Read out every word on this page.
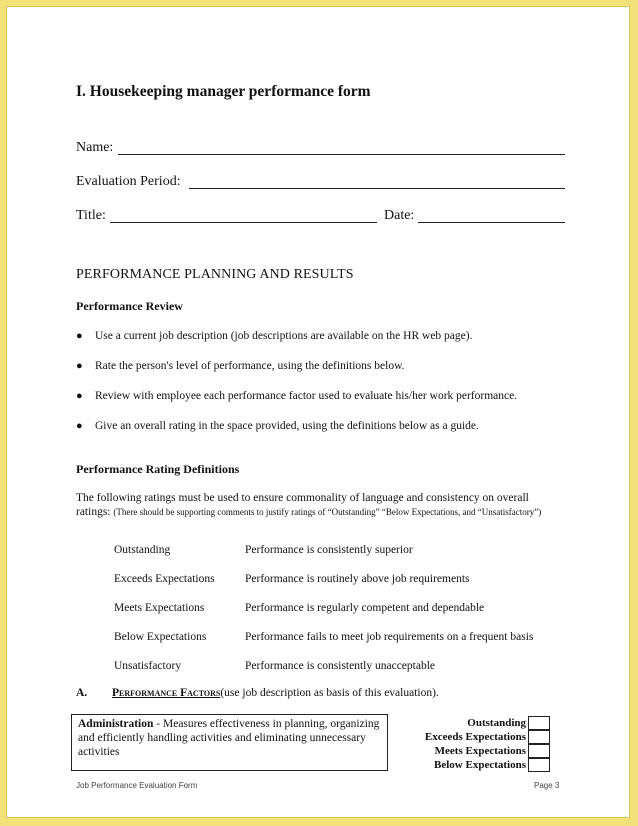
I. Housekeeping manager performance form
Name:
Evaluation Period:
Title:	Date:
PERFORMANCE PLANNING AND RESULTS
Performance Review
●	Use a current job description (job descriptions are available on the HR web page).
●	Rate the person's level of performance, using the definitions below.
●	Review with employee each performance factor used to evaluate his/her work performance.
●	Give an overall rating in the space provided, using the definitions below as a guide.
Performance Rating Definitions
The following ratings must be used to ensure commonality of language and consistency on overall ratings: (There should be supporting comments to justify ratings of “Outstanding” “Below Expectations, and “Unsatisfactory”)
Outstanding	Performance is consistently superior
Exceeds Expectations	Performance is routinely above job requirements
Meets Expectations	Performance is regularly competent and dependable
Below Expectations	Performance fails to meet job requirements on a frequent basis
Unsatisfactory	Performance is consistently unacceptable
A. Performance Factors(use job description as basis of this evaluation).
Administration - Measures effectiveness in planning, organizing and efficiently handling activities and eliminating unnecessary activities
Outstanding
Exceeds Expectations
Meets Expectations
Below Expectations
Job Performance Evaluation Form	Page 3
